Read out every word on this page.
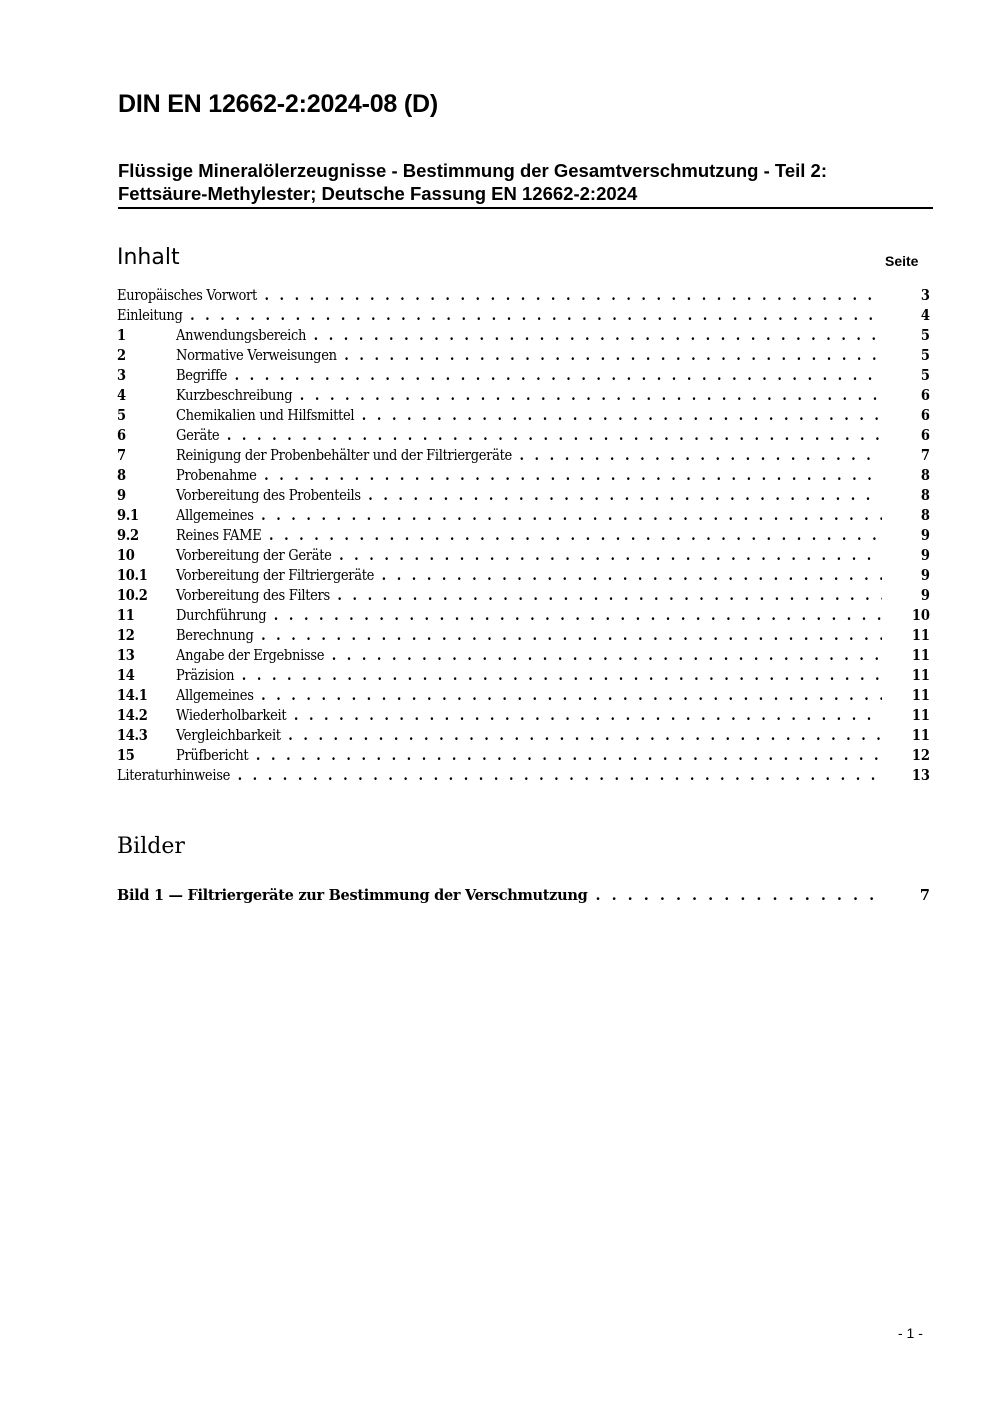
DIN EN 12662-2:2024-08 (D)
Flüssige Mineralölerzeugnisse - Bestimmung der Gesamtverschmutzung - Teil 2:
Fettsäure-Methylester; Deutsche Fassung EN 12662-2:2024
Inhalt	Seite
Europäisches Vorwort . . .	3
Einleitung . . .	4
1	Anwendungsbereich . . .	5
2	Normative Verweisungen . . .	5
3	Begriffe . . .	5
4	Kurzbeschreibung . . .	6
5	Chemikalien und Hilfsmittel . . .	6
6	Geräte . . .	6
7	Reinigung der Probenbehälter und der Filtriergeräte . . .	7
8	Probenahme . . .	8
9	Vorbereitung des Probenteils . . .	8
9.1	Allgemeines . . .	8
9.2	Reines FAME . . .	9
10	Vorbereitung der Geräte . . .	9
10.1 Vorbereitung der Filtriergeräte . . .	9
10.2 Vorbereitung des Filters . . .	9
11	Durchführung . . .	10
12	Berechnung . . .	11
13	Angabe der Ergebnisse . . .	11
14	Präzision . . .	11
14.1 Allgemeines . . .	11
14.2 Wiederholbarkeit . . .	11
14.3 Vergleichbarkeit . . .	11
15	Prüfbericht . . .	12
Literaturhinweise . . .	13
Bilder
Bild 1 — Filtriergeräte zur Bestimmung der Verschmutzung . . .	7
- 1 -
